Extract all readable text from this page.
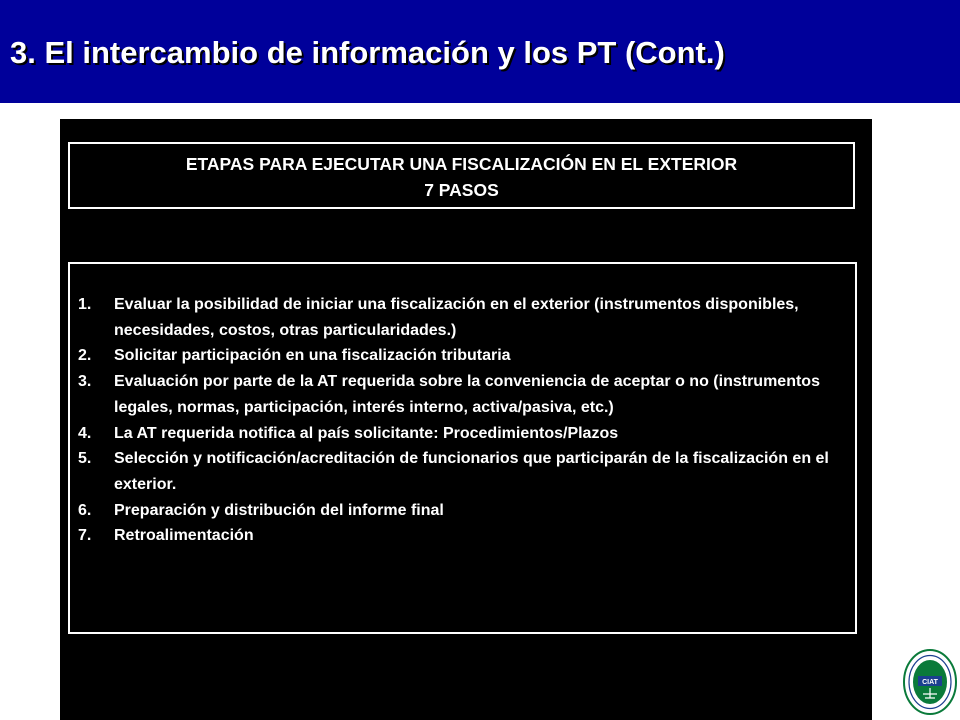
3. El intercambio de información y los PT (Cont.)
ETAPAS PARA EJECUTAR UNA FISCALIZACIÓN EN EL EXTERIOR
7 PASOS
1. Evaluar la posibilidad de iniciar una fiscalización en el exterior (instrumentos disponibles, necesidades, costos, otras particularidades.)
2. Solicitar participación en una fiscalización tributaria
3. Evaluación por parte de la AT requerida sobre la conveniencia de aceptar o no (instrumentos legales, normas, participación, interés interno, activa/pasiva, etc.)
4. La AT requerida notifica al país solicitante: Procedimientos/Plazos
5. Selección y notificación/acreditación de funcionarios que participarán de la fiscalización en el exterior.
6. Preparación y distribución del informe final
7. Retroalimentación
CIAT
